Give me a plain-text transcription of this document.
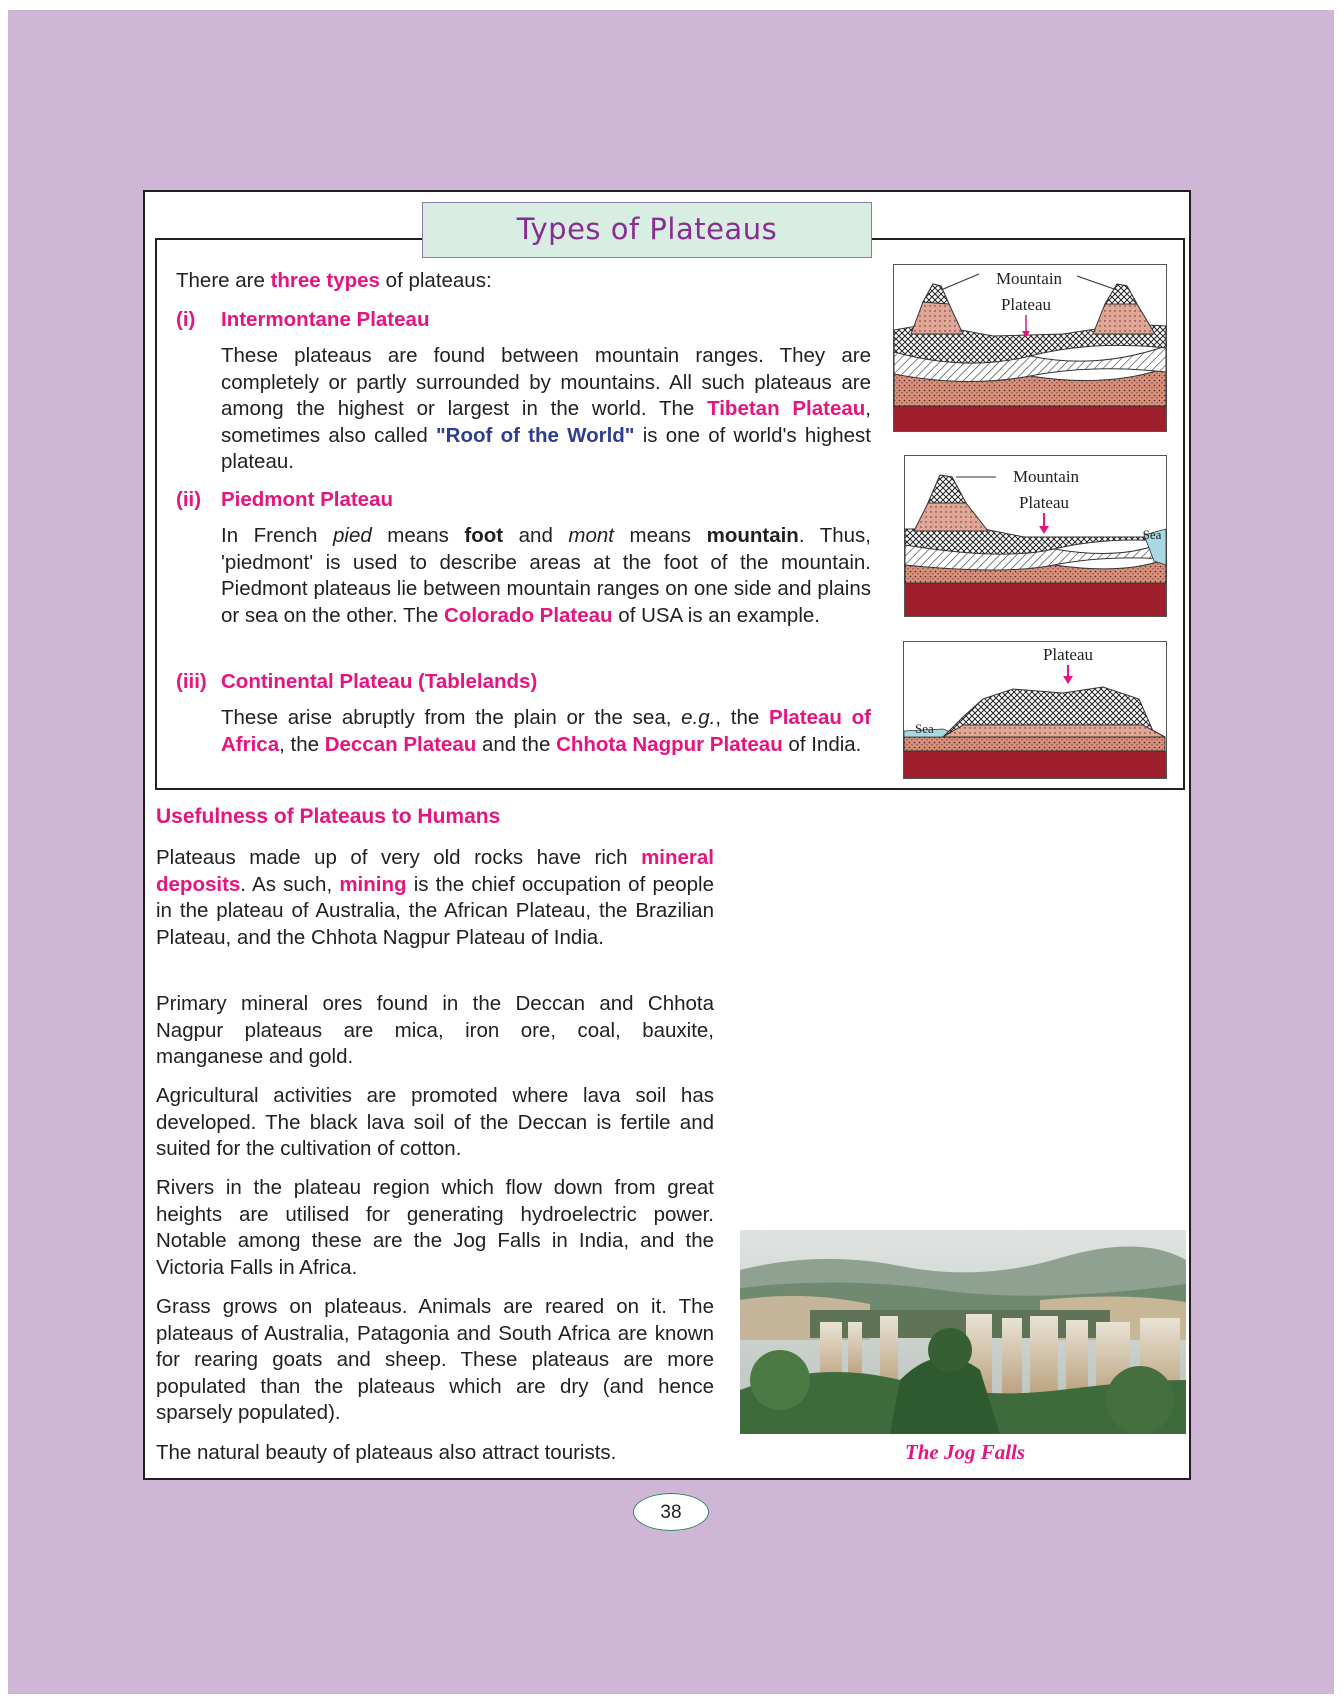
Types of Plateaus
There are three types of plateaus:
(i) Intermontane Plateau
These plateaus are found between mountain ranges. They are completely or partly surrounded by mountains. All such plateaus are among the highest or largest in the world. The Tibetan Plateau, sometimes also called "Roof of the World" is one of world's highest plateau.
(ii) Piedmont Plateau
In French pied means foot and mont means mountain. Thus, 'piedmont' is used to describe areas at the foot of the mountain. Piedmont plateaus lie between mountain ranges on one side and plains or sea on the other. The Colorado Plateau of USA is an example.
(iii) Continental Plateau (Tablelands)
These arise abruptly from the plain or the sea, e.g., the Plateau of Africa, the Deccan Plateau and the Chhota Nagpur Plateau of India.
Mountain
Plateau
Mountain
Plateau
Sea
Plateau
Sea
Usefulness of Plateaus to Humans
Plateaus made up of very old rocks have rich mineral deposits. As such, mining is the chief occupation of people in the plateau of Australia, the African Plateau, the Brazilian Plateau, and the Chhota Nagpur Plateau of India.
Primary mineral ores found in the Deccan and Chhota Nagpur plateaus are mica, iron ore, coal, bauxite, manganese and gold.
Agricultural activities are promoted where lava soil has developed. The black lava soil of the Deccan is fertile and suited for the cultivation of cotton.
Rivers in the plateau region which flow down from great heights are utilised for generating hydroelectric power. Notable among these are the Jog Falls in India, and the Victoria Falls in Africa.
Grass grows on plateaus. Animals are reared on it. The plateaus of Australia, Patagonia and South Africa are known for rearing goats and sheep. These plateaus are more populated than the plateaus which are dry (and hence sparsely populated).
The natural beauty of plateaus also attract tourists.	The Jog Falls
38
